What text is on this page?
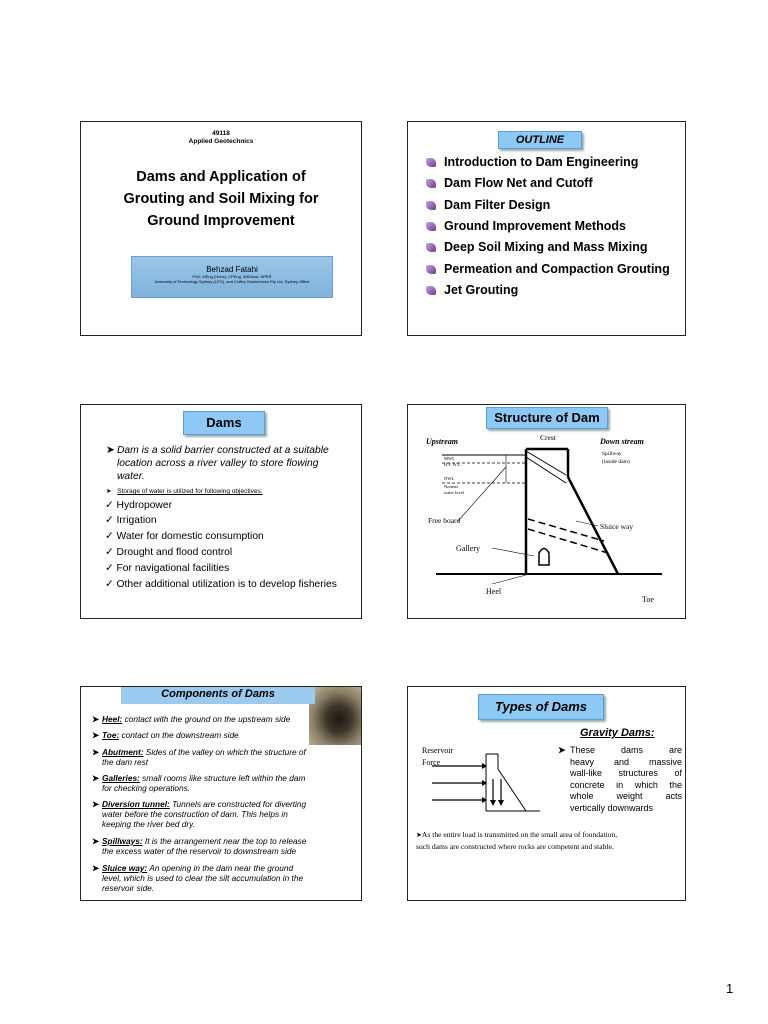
49118
Applied Geotechnics
Dams and Application of
Grouting and Soil Mixing for
Ground Improvement
Behzad Fatahi
PhD, MEng (Hons), CPEng, MIEAust, NPER
University of Technology Sydney (UTS), and Coffey Geotechnics Pty Ltd, Sydney Office
OUTLINE
Introduction to Dam Engineering
Dam Flow Net and Cutoff
Dam Filter Design
Ground Improvement Methods
Deep Soil Mixing and Mass Mixing
Permeation and Compaction Grouting
Jet Grouting
Dams
➤ Dam is a solid barrier constructed at a suitable
location across a river valley to store flowing
water.
➤ Storage of water is utilized for following objectives:
✓ Hydropower
✓ Irrigation
✓ Water for domestic consumption
✓ Drought and flood control
✓ For navigational facilities
✓ Other additional utilization is to develop fisheries
Structure of Dam
Upstream	Crest	Down stream
MWL
H.F. W.L
NWL
Normal
water level
Spillway
(inside dam)
Free board
Sluice way
Gallery
Heel
Toe
Components of Dams
➤ Heel: contact with the ground on the upstream side
➤ Toe: contact on the downstream side
➤ Abutment: Sides of the valley on which the structure of
the dam rest
➤ Galleries: small rooms like structure left within the dam
for checking operations.
➤ Diversion tunnel: Tunnels are constructed for diverting
water before the construction of dam. This helps in
keeping the river bed dry.
➤ Spillways: It is the arrangement near the top to release
the excess water of the reservoir to downstream side
➤ Sluice way: An opening in the dam near the ground
level, which is used to clear the silt accumulation in the
reservoir side.
Types of Dams
Reservoir
Force
Gravity Dams:
➤ These dams are
heavy and massive
wall-like structures of
concrete in which the
whole weight acts
vertically downwards
➤As the entire load is transmitted on the small area of foundation,
such dams are constructed where rocks are competent and stable.
1
